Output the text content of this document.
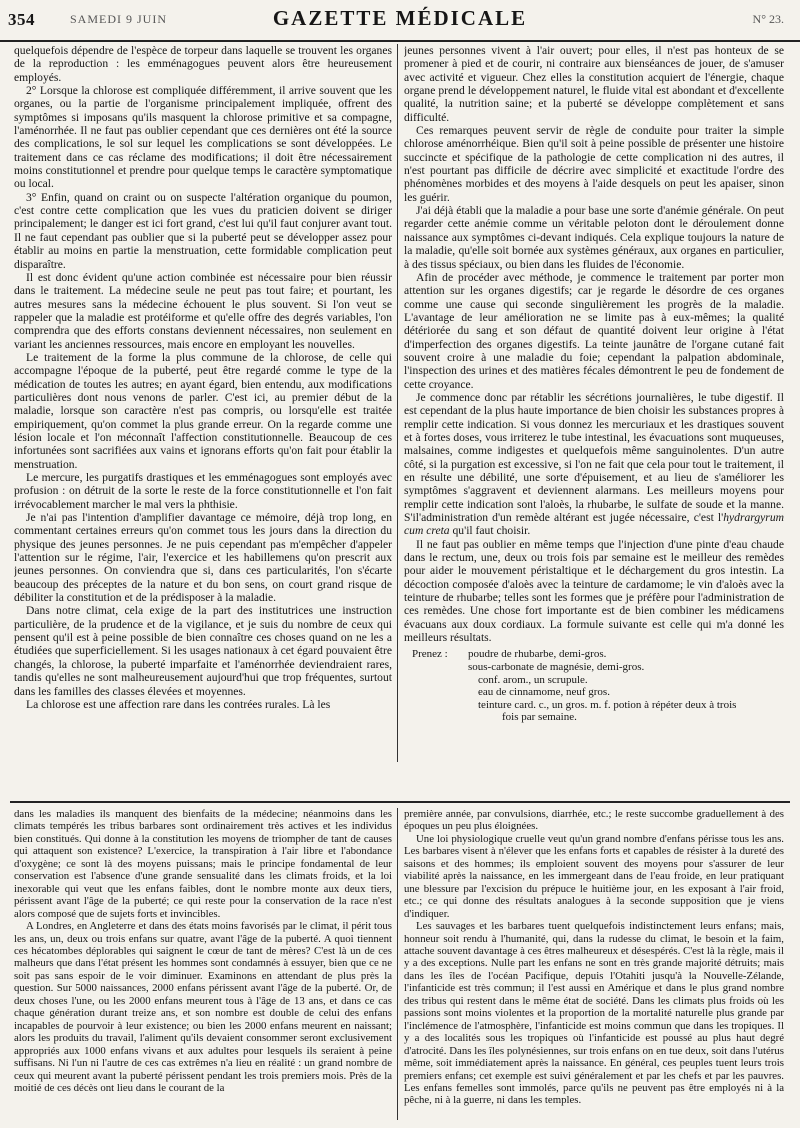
354	SAMEDI 9 JUIN	GAZETTE MÉDICALE	N° 23.

quelquefois dépendre de l'espèce de torpeur dans laquelle se trouvent les organes de la reproduction : les emménagogues peuvent alors être heureusement employés.

2° Lorsque la chlorose est compliquée différemment, il arrive souvent que les organes, ou la partie de l'organisme principalement impliquée, offrent des symptômes si imposans qu'ils masquent la chlorose primitive et sa compagne, l'aménorrhée. Il ne faut pas oublier cependant que ces dernières ont été la source des complications, le sol sur lequel les complications se sont développées. Le traitement dans ce cas réclame des modifications; il doit être nécessairement moins constitutionnel et prendre pour quelque temps le caractère symptomatique ou local.

3° Enfin, quand on craint ou on suspecte l'altération organique du poumon, c'est contre cette complication que les vues du praticien doivent se diriger principalement; le danger est ici fort grand, c'est lui qu'il faut conjurer avant tout. Il ne faut cependant pas oublier que si la puberté peut se développer assez pour établir au moins en partie la menstruation, cette formidable complication peut disparaître.

Il est donc évident qu'une action combinée est nécessaire pour bien réussir dans le traitement. La médecine seule ne peut pas tout faire; et pourtant, les autres mesures sans la médecine échouent le plus souvent. Si l'on veut se rappeler que la maladie est protéiforme et qu'elle offre des degrés variables, l'on comprendra que des efforts constans deviennent nécessaires, non seulement en variant les anciennes ressources, mais encore en employant les nouvelles.

Le traitement de la forme la plus commune de la chlorose, de celle qui accompagne l'époque de la puberté, peut être regardé comme le type de la médication de toutes les autres; en ayant égard, bien entendu, aux modifications particulières dont nous venons de parler. C'est ici, au premier début de la maladie, lorsque son caractère n'est pas compris, ou lorsqu'elle est traitée empiriquement, qu'on commet la plus grande erreur. On la regarde comme une lésion locale et l'on méconnaît l'affection constitutionnelle. Beaucoup de ces infortunées sont sacrifiées aux vains et ignorans efforts qu'on fait pour établir la menstruation.

Le mercure, les purgatifs drastiques et les emménagogues sont employés avec profusion : on détruit de la sorte le reste de la force constitutionnelle et l'on fait irrévocablement marcher le mal vers la phthisie.

Je n'ai pas l'intention d'amplifier davantage ce mémoire, déjà trop long, en commentant certaines erreurs qu'on commet tous les jours dans la direction du physique des jeunes personnes. Je ne puis cependant pas m'empêcher d'appeler l'attention sur le régime, l'air, l'exercice et les habillemens qu'on prescrit aux jeunes personnes. On conviendra que si, dans ces particularités, l'on s'écarte beaucoup des préceptes de la nature et du bon sens, on court grand risque de débiliter la constitution et de la prédisposer à la maladie.

Dans notre climat, cela exige de la part des institutrices une instruction particulière, de la prudence et de la vigilance, et je suis du nombre de ceux qui pensent qu'il est à peine possible de bien connaître ces choses quand on ne les a étudiées que superficiellement. Si les usages nationaux à cet égard pouvaient être changés, la chlorose, la puberté imparfaite et l'aménorrhée deviendraient rares, tandis qu'elles ne sont malheureusement aujourd'hui que trop fréquentes, surtout dans les familles des classes élevées et moyennes.

La chlorose est une affection rare dans les contrées rurales. Là les

jeunes personnes vivent à l'air ouvert; pour elles, il n'est pas honteux de se promener à pied et de courir, ni contraire aux bienséances de jouer, de s'amuser avec activité et vigueur. Chez elles la constitution acquiert de l'énergie, chaque organe prend le développement naturel, le fluide vital est abondant et d'excellente qualité, la nutrition saine; et la puberté se développe complètement et sans difficulté.

Ces remarques peuvent servir de règle de conduite pour traiter la simple chlorose aménorrhéique. Bien qu'il soit à peine possible de présenter une histoire succincte et spécifique de la pathologie de cette complication ni des autres, il n'est pourtant pas difficile de décrire avec simplicité et exactitude l'ordre des phénomènes morbides et des moyens à l'aide desquels on peut les apaiser, sinon les guérir.

J'ai déjà établi que la maladie a pour base une sorte d'anémie générale. On peut regarder cette anémie comme un véritable peloton dont le déroulement donne naissance aux symptômes ci-devant indiqués. Cela explique toujours la nature de la maladie, qu'elle soit bornée aux systèmes généraux, aux organes en particulier, à des tissus spéciaux, ou bien dans les fluides de l'économie.

Afin de procéder avec méthode, je commence le traitement par porter mon attention sur les organes digestifs; car je regarde le désordre de ces organes comme une cause qui seconde singulièrement les progrès de la maladie. L'avantage de leur amélioration ne se limite pas à eux-mêmes; la qualité détériorée du sang et son défaut de quantité doivent leur origine à l'état d'imperfection des organes digestifs. La teinte jaunâtre de l'organe cutané fait souvent croire à une maladie du foie; cependant la palpation abdominale, l'inspection des urines et des matières fécales démontrent le peu de fondement de cette croyance.

Je commence donc par rétablir les sécrétions journalières, le tube digestif. Il est cependant de la plus haute importance de bien choisir les substances propres à remplir cette indication. Si vous donnez les mercuriaux et les drastiques souvent et à fortes doses, vous irriterez le tube intestinal, les évacuations sont muqueuses, malsaines, comme indigestes et quelquefois même sanguinolentes. D'un autre côté, si la purgation est excessive, si l'on ne fait que cela pour tout le traitement, il en résulte une débilité, une sorte d'épuisement, et au lieu de s'améliorer les symptômes s'aggravent et deviennent alarmans. Les meilleurs moyens pour remplir cette indication sont l'aloès, la rhubarbe, le sulfate de soude et la manne. S'il'administration d'un remède altérant est jugée nécessaire, c'est l'hydrargyrum cum creta qu'il faut choisir.

Il ne faut pas oublier en même temps que l'injection d'une pinte d'eau chaude dans le rectum, une, deux ou trois fois par semaine est le meilleur des remèdes pour aider le mouvement péristaltique et le déchargement du gros intestin. La décoction composée d'aloès avec la teinture de cardamome; le vin d'aloès avec la teinture de rhubarbe; telles sont les formes que je préfère pour l'administration de ces remèdes. Une chose fort importante est de bien combiner les médicamens évacuans aux doux cordiaux. La formule suivante est celle qui m'a donné les meilleurs résultats.

Prenez :	poudre de rhubarbe, demi-gros.
sous-carbonate de magnésie, demi-gros.
conf. arom., un scrupule.
eau de cinnamome, neuf gros.
teinture card. c., un gros. m. f. potion à répéter deux à trois
fois par semaine.

dans les maladies ils manquent des bienfaits de la médecine; néanmoins dans les climats tempérés les tribus barbares sont ordinairement très actives et les individus bien constitués. Qui donne à la constitution les moyens de triompher de tant de causes qui attaquent son existence? L'exercice, la transpiration à l'air libre et l'abondance d'oxygène; ce sont là des moyens puissans; mais le principe fondamental de leur conservation est l'absence d'une grande sensualité dans les climats froids, et la loi inexorable qui veut que les enfans faibles, dont le nombre monte aux deux tiers, périssent avant l'âge de la puberté; ce qui reste pour la conservation de la race n'est alors composé que de sujets forts et invincibles.

A Londres, en Angleterre et dans des états moins favorisés par le climat, il périt tous les ans, un, deux ou trois enfans sur quatre, avant l'âge de la puberté. A quoi tiennent ces hécatombes déplorables qui saignent le cœur de tant de mères? C'est là un de ces malheurs que dans l'état présent les hommes sont condamnés à essuyer, bien que ce ne soit pas sans espoir de le voir diminuer. Examinons en attendant de plus près la question. Sur 5000 naissances, 2000 enfans périssent avant l'âge de la puberté. Or, de deux choses l'une, ou les 2000 enfans meurent tous à l'âge de 13 ans, et dans ce cas chaque génération durant treize ans, et son nombre est double de celui des enfans incapables de pourvoir à leur existence; ou bien les 2000 enfans meurent en naissant; alors les produits du travail, l'aliment qu'ils devaient consommer seront exclusivement appropriés aux 1000 enfans vivans et aux adultes pour lesquels ils seraient à peine suffisans. Ni l'un ni l'autre de ces cas extrêmes n'a lieu en réalité : un grand nombre de ceux qui meurent avant la puberté périssent pendant les trois premiers mois. Près de la moitié de ces décès ont lieu dans le courant de la

première année, par convulsions, diarrhée, etc.; le reste succombe graduellement à des époques un peu plus éloignées.

Une loi physiologique cruelle veut qu'un grand nombre d'enfans périsse tous les ans. Les barbares visent à n'élever que les enfans forts et capables de résister à la dureté des saisons et des hommes; ils emploient souvent des moyens pour s'assurer de leur viabilité après la naissance, en les immergeant dans de l'eau froide, en leur pratiquant une blessure par l'excision du prépuce le huitième jour, en les exposant à l'air froid, etc.; ce qui donne des résultats analogues à la seconde supposition que je viens d'indiquer.

Les sauvages et les barbares tuent quelquefois indistinctement leurs enfans; mais, honneur soit rendu à l'humanité, qui, dans la rudesse du climat, le besoin et la faim, attache souvent davantage à ces êtres malheureux et désespérés. C'est là la règle, mais il y a des exceptions. Nulle part les enfans ne sont en très grande majorité détruits; mais dans les îles de l'océan Pacifique, depuis l'Otahiti jusqu'à la Nouvelle-Zélande, l'infanticide est très commun; il l'est aussi en Amérique et dans le plus grand nombre des tribus qui restent dans le même état de société. Dans les climats plus froids où les passions sont moins violentes et la proportion de la mortalité naturelle plus grande par l'inclémence de l'atmosphère, l'infanticide est moins commun que dans les tropiques. Il y a des localités sous les tropiques où l'infanticide est poussé au plus haut degré d'atrocité. Dans les îles polynésiennes, sur trois enfans on en tue deux, soit dans l'utérus même, soit immédiatement après la naissance. En général, ces peuples tuent leurs trois premiers enfans; cet exemple est suivi généralement et par les chefs et par les pauvres. Les enfans femelles sont immolés, parce qu'ils ne peuvent pas être employés ni à la pêche, ni à la guerre, ni dans les temples.
